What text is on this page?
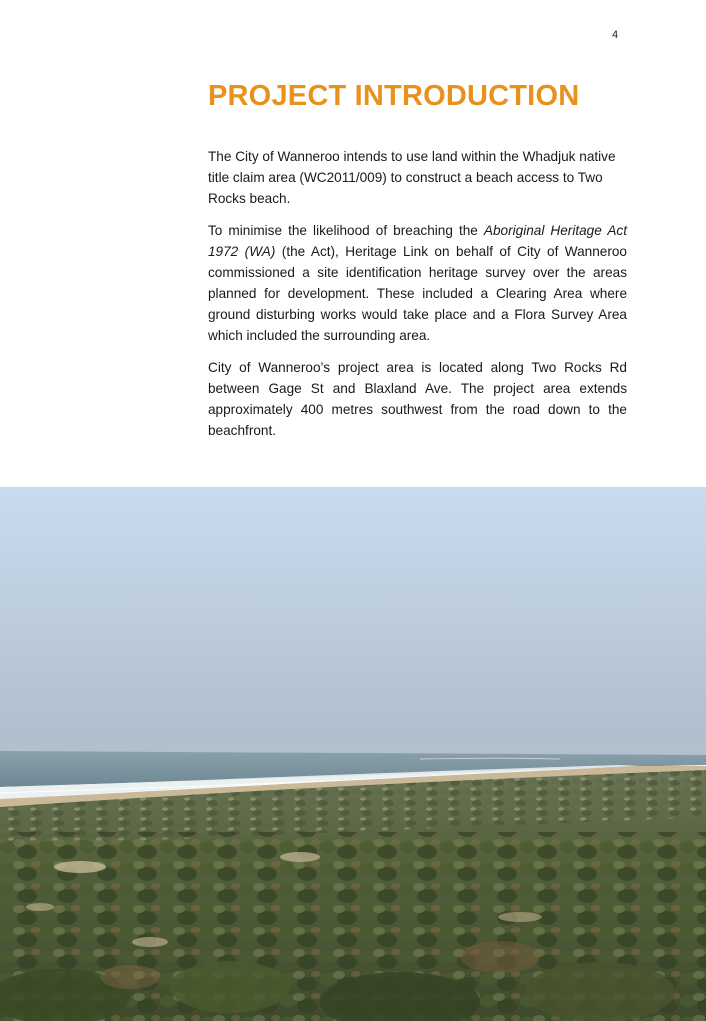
4
PROJECT INTRODUCTION

The City of Wanneroo intends to use land within the Whadjuk native title claim area (WC2011/009) to construct a beach access to Two Rocks beach.

To minimise the likelihood of breaching the Aboriginal Heritage Act 1972 (WA) (the Act), Heritage Link on behalf of City of Wanneroo commissioned a site identification heritage survey over the areas planned for development. These included a Clearing Area where ground disturbing works would take place and a Flora Survey Area which included the surrounding area.

City of Wanneroo’s project area is located along Two Rocks Rd between Gage St and Blaxland Ave. The project area extends approximately 400 metres southwest from the road down to the beachfront.
